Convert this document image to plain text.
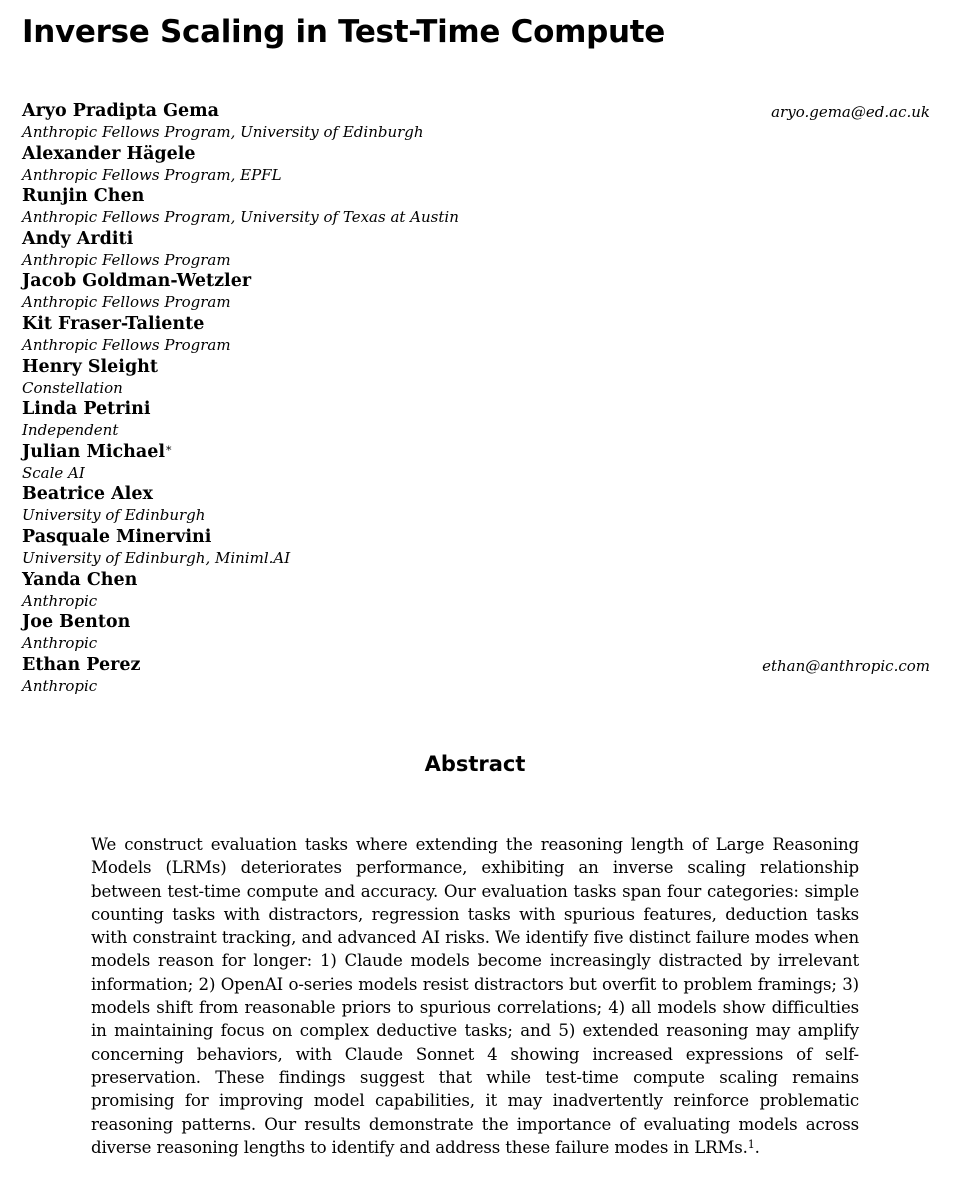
Inverse Scaling in Test-Time Compute
Aryo Pradipta Gema
Anthropic Fellows Program, University of Edinburgh
aryo.gema@ed.ac.uk
Alexander Hägele
Anthropic Fellows Program, EPFL
Runjin Chen
Anthropic Fellows Program, University of Texas at Austin
Andy Arditi
Anthropic Fellows Program
Jacob Goldman-Wetzler
Anthropic Fellows Program
Kit Fraser-Taliente
Anthropic Fellows Program
Henry Sleight
Constellation
Linda Petrini
Independent
Julian Michael*
Scale AI
Beatrice Alex
University of Edinburgh
Pasquale Minervini
University of Edinburgh, Miniml.AI
Yanda Chen
Anthropic
Joe Benton
Anthropic
Ethan Perez
Anthropic
ethan@anthropic.com
Abstract

We construct evaluation tasks where extending the reasoning length of Large Reasoning Models (LRMs) deteriorates performance, exhibiting an inverse scaling relationship between test-time compute and accuracy. Our evaluation tasks span four categories: simple counting tasks with distractors, regression tasks with spurious features, deduction tasks with constraint tracking, and advanced AI risks. We identify five distinct failure modes when models reason for longer: 1) Claude models become increasingly distracted by irrelevant information; 2) OpenAI o-series models resist distractors but overfit to problem framings; 3) models shift from reasonable priors to spurious correlations; 4) all models show difficulties in maintaining focus on complex deductive tasks; and 5) extended reasoning may amplify concerning behaviors, with Claude Sonnet 4 showing increased expressions of self-preservation. These findings suggest that while test-time compute scaling remains promising for improving model capabilities, it may inadvertently reinforce problematic reasoning patterns. Our results demonstrate the importance of evaluating models across diverse reasoning lengths to identify and address these failure modes in LRMs.$^1$.
